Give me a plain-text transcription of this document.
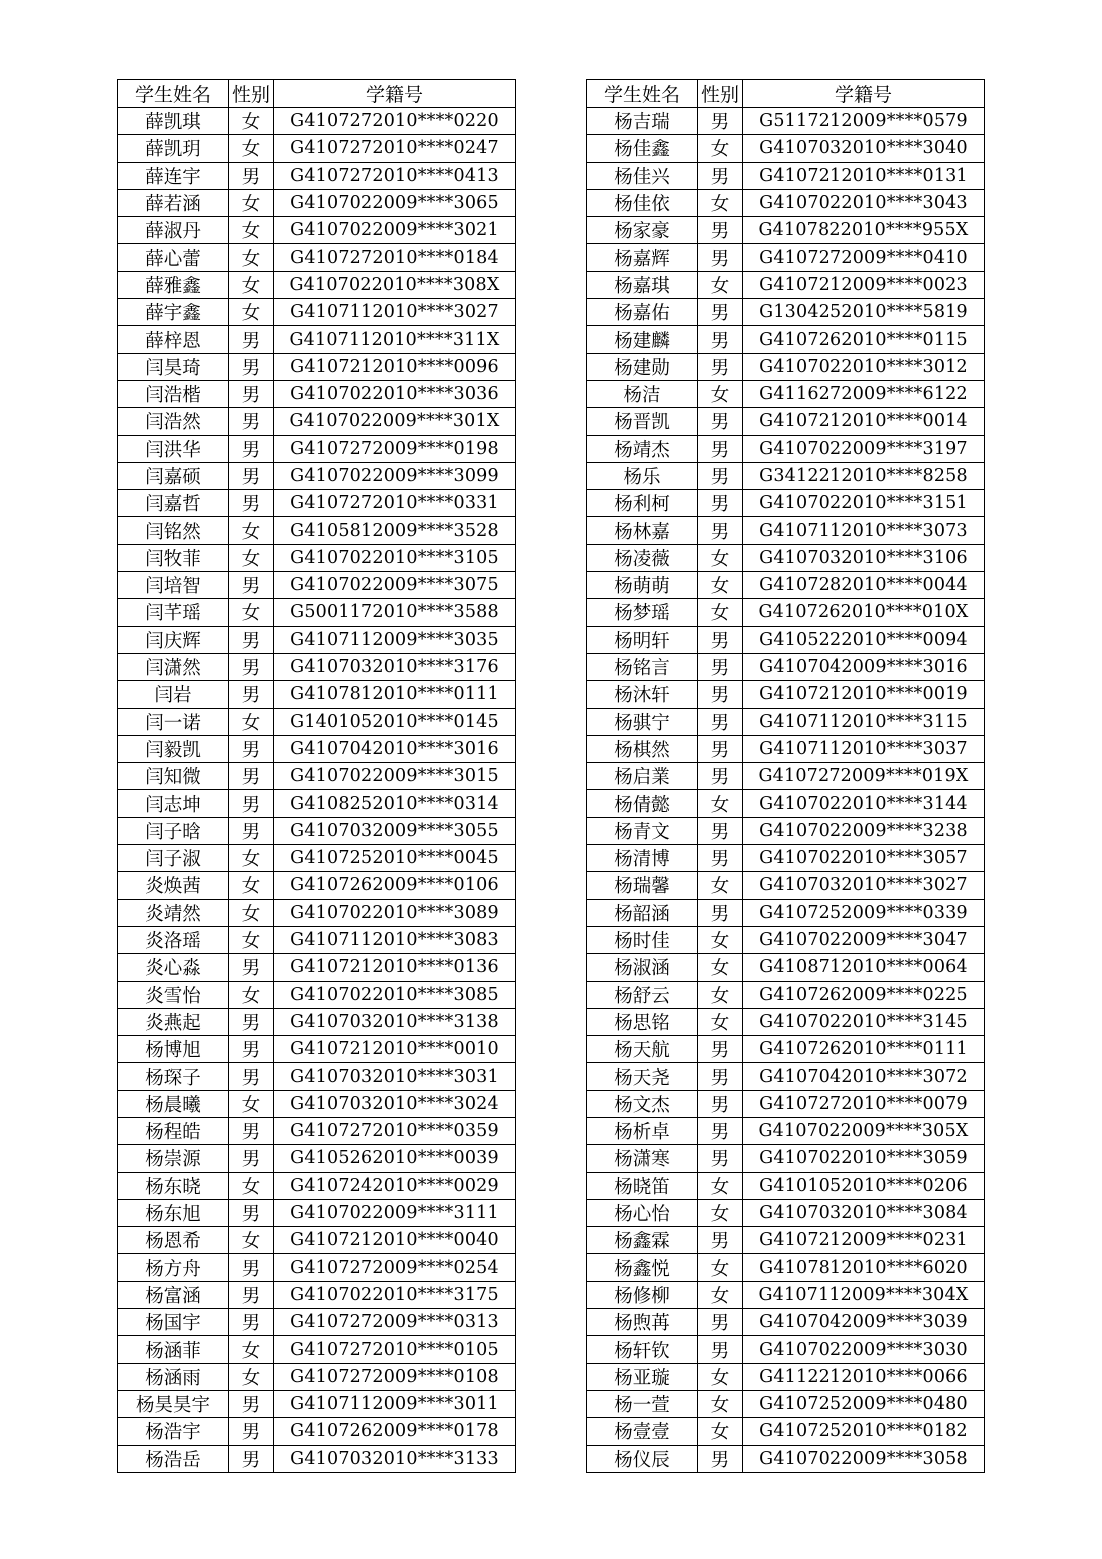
学生姓名	性别	学籍号
薛凯琪	女	G4107272010****0220
薛凯玥	女	G4107272010****0247
薛连宇	男	G4107272010****0413
薛若涵	女	G4107022009****3065
薛淑丹	女	G4107022009****3021
薛心蕾	女	G4107272010****0184
薛雅鑫	女	G4107022010****308X
薛宇鑫	女	G4107112010****3027
薛梓恩	男	G4107112010****311X
闫昊琦	男	G4107212010****0096
闫浩楷	男	G4107022010****3036
闫浩然	男	G4107022009****301X
闫洪华	男	G4107272009****0198
闫嘉硕	男	G4107022009****3099
闫嘉哲	男	G4107272010****0331
闫铭然	女	G4105812009****3528
闫牧菲	女	G4107022010****3105
闫培智	男	G4107022009****3075
闫芊瑶	女	G5001172010****3588
闫庆辉	男	G4107112009****3035
闫潇然	男	G4107032010****3176
闫岩	男	G4107812010****0111
闫一诺	女	G1401052010****0145
闫毅凯	男	G4107042010****3016
闫知微	男	G4107022009****3015
闫志坤	男	G4108252010****0314
闫子晗	男	G4107032009****3055
闫子淑	女	G4107252010****0045
炎焕茜	女	G4107262009****0106
炎靖然	女	G4107022010****3089
炎洛瑶	女	G4107112010****3083
炎心淼	男	G4107212010****0136
炎雪怡	女	G4107022010****3085
炎燕起	男	G4107032010****3138
杨博旭	男	G4107212010****0010
杨琛子	男	G4107032010****3031
杨晨曦	女	G4107032010****3024
杨程皓	男	G4107272010****0359
杨崇源	男	G4105262010****0039
杨东晓	女	G4107242010****0029
杨东旭	男	G4107022009****3111
杨恩希	女	G4107212010****0040
杨方舟	男	G4107272009****0254
杨富涵	男	G4107022010****3175
杨国宇	男	G4107272009****0313
杨涵菲	女	G4107272010****0105
杨涵雨	女	G4107272009****0108
杨昊昊宇	男	G4107112009****3011
杨浩宇	男	G4107262009****0178
杨浩岳	男	G4107032010****3133
学生姓名	性别	学籍号
杨吉瑞	男	G5117212009****0579
杨佳鑫	女	G4107032010****3040
杨佳兴	男	G4107212010****0131
杨佳依	女	G4107022010****3043
杨家豪	男	G4107822010****955X
杨嘉辉	男	G4107272009****0410
杨嘉琪	女	G4107212009****0023
杨嘉佑	男	G1304252010****5819
杨建麟	男	G4107262010****0115
杨建勋	男	G4107022010****3012
杨洁	女	G4116272009****6122
杨晋凯	男	G4107212010****0014
杨靖杰	男	G4107022009****3197
杨乐	男	G3412212010****8258
杨利柯	男	G4107022010****3151
杨林嘉	男	G4107112010****3073
杨凌薇	女	G4107032010****3106
杨萌萌	女	G4107282010****0044
杨梦瑶	女	G4107262010****010X
杨明轩	男	G4105222010****0094
杨铭言	男	G4107042009****3016
杨沐轩	男	G4107212010****0019
杨骐宁	男	G4107112010****3115
杨棋然	男	G4107112010****3037
杨启業	男	G4107272009****019X
杨倩懿	女	G4107022010****3144
杨青文	男	G4107022009****3238
杨清博	男	G4107022010****3057
杨瑞馨	女	G4107032010****3027
杨韶涵	男	G4107252009****0339
杨时佳	女	G4107022009****3047
杨淑涵	女	G4108712010****0064
杨舒云	女	G4107262009****0225
杨思铭	女	G4107022010****3145
杨天航	男	G4107262010****0111
杨天尧	男	G4107042010****3072
杨文杰	男	G4107272010****0079
杨析卓	男	G4107022009****305X
杨潇寒	男	G4107022010****3059
杨晓笛	女	G4101052010****0206
杨心怡	女	G4107032010****3084
杨鑫霖	男	G4107212009****0231
杨鑫悦	女	G4107812010****6020
杨修柳	女	G4107112009****304X
杨煦苒	男	G4107042009****3039
杨轩钦	男	G4107022009****3030
杨亚璇	女	G4112212010****0066
杨一萱	女	G4107252009****0480
杨壹壹	女	G4107252010****0182
杨仪辰	男	G4107022009****3058
